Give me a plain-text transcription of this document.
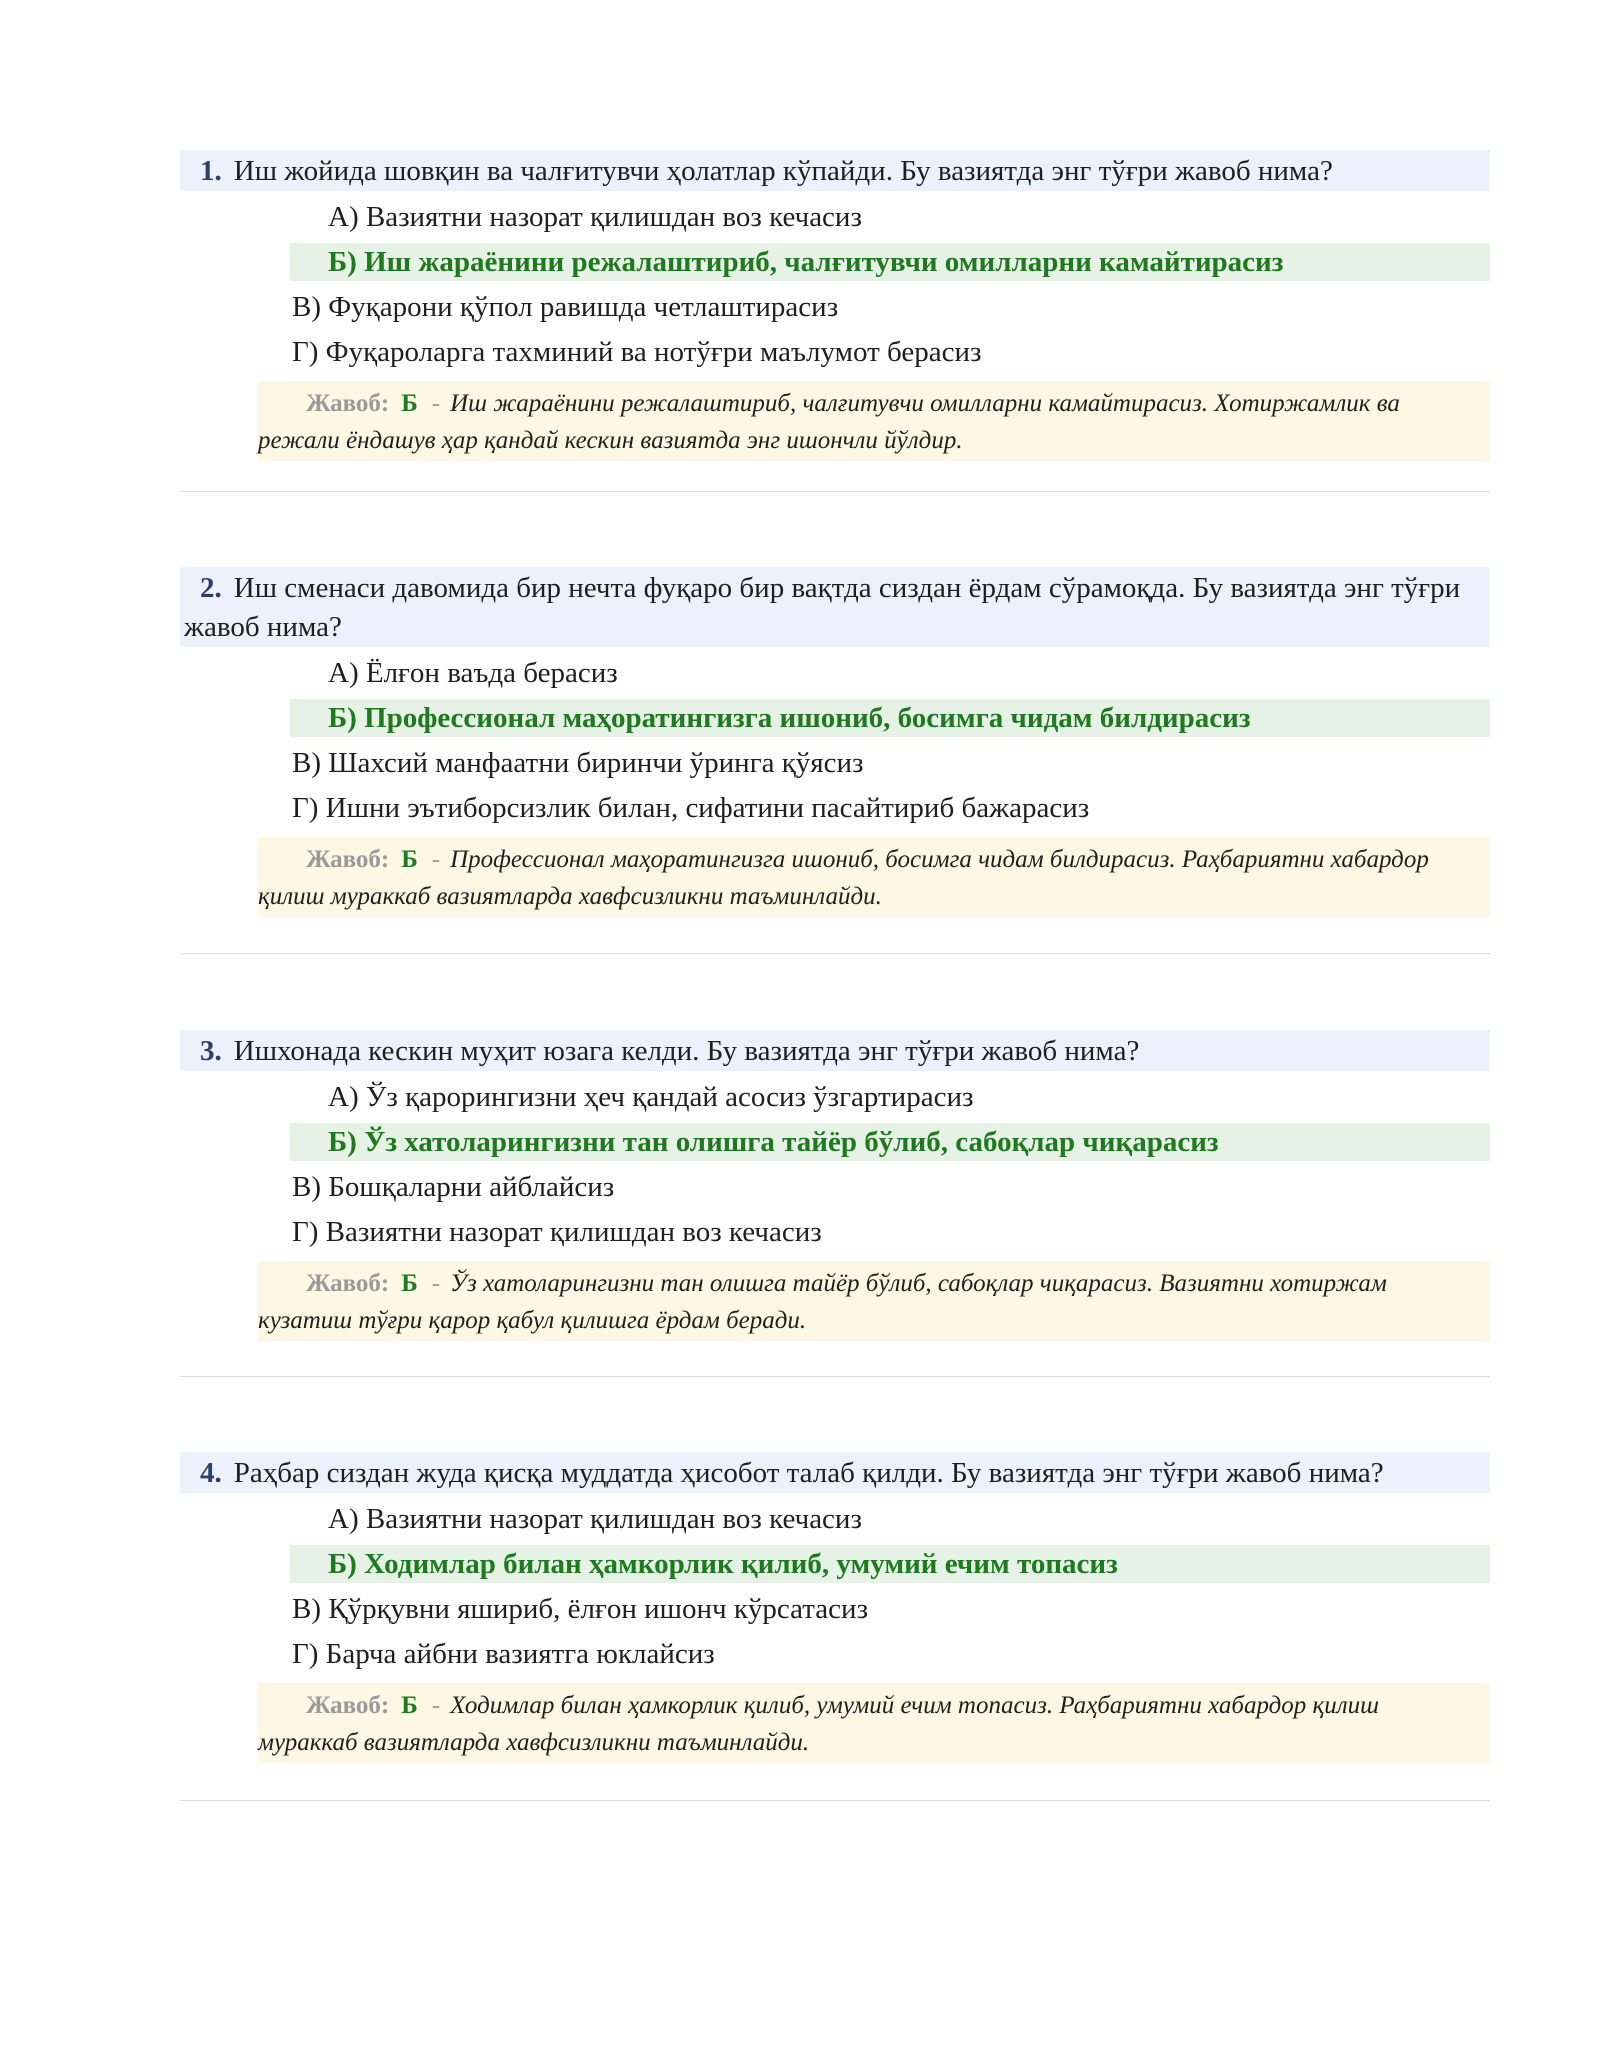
1. Иш жойида шовқин ва чалғитувчи ҳолатлар кўпайди. Бу вазиятда энг тўғри жавоб нима?
А) Вазиятни назорат қилишдан воз кечасиз
Б) Иш жараёнини режалаштириб, чалғитувчи омилларни камайтирасиз
В) Фуқарони қўпол равишда четлаштирасиз
Г) Фуқароларга тахминий ва нотўғри маълумот берасиз
Жавоб: Б - Иш жараёнини режалаштириб, чалғитувчи омилларни камайтирасиз. Хотиржамлик ва режали ёндашув ҳар қандай кескин вазиятда энг ишончли йўлдир.
2. Иш сменаси давомида бир нечта фуқаро бир вақтда сиздан ёрдам сўрамоқда. Бу вазиятда энг тўғри жавоб нима?
А) Ёлғон ваъда берасиз
Б) Профессионал маҳоратингизга ишониб, босимга чидам билдирасиз
В) Шахсий манфаатни биринчи ўринга қўясиз
Г) Ишни эътиборсизлик билан, сифатини пасайтириб бажарасиз
Жавоб: Б - Профессионал маҳоратингизга ишониб, босимга чидам билдирасиз. Раҳбариятни хабардор қилиш мураккаб вазиятларда хавфсизликни таъминлайди.
3. Ишхонада кескин муҳит юзага келди. Бу вазиятда энг тўғри жавоб нима?
А) Ўз қарорингизни ҳеч қандай асосиз ўзгартирасиз
Б) Ўз хатоларингизни тан олишга тайёр бўлиб, сабоқлар чиқарасиз
В) Бошқаларни айблайсиз
Г) Вазиятни назорат қилишдан воз кечасиз
Жавоб: Б - Ўз хатоларингизни тан олишга тайёр бўлиб, сабоқлар чиқарасиз. Вазиятни хотиржам кузатиш тўғри қарор қабул қилишга ёрдам беради.
4. Раҳбар сиздан жуда қисқа муддатда ҳисобот талаб қилди. Бу вазиятда энг тўғри жавоб нима?
А) Вазиятни назорат қилишдан воз кечасиз
Б) Ходимлар билан ҳамкорлик қилиб, умумий ечим топасиз
В) Қўрқувни яшириб, ёлғон ишонч кўрсатасиз
Г) Барча айбни вазиятга юклайсиз
Жавоб: Б - Ходимлар билан ҳамкорлик қилиб, умумий ечим топасиз. Раҳбариятни хабардор қилиш мураккаб вазиятларда хавфсизликни таъминлайди.
